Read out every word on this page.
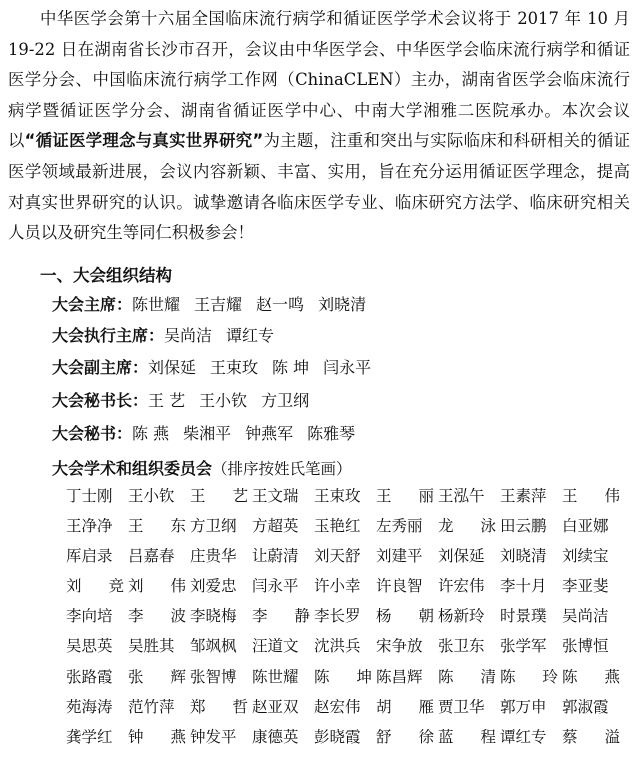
中华医学会第十六届全国临床流行病学和循证医学学术会议将于 2017 年 10 月 19-22 日在湖南省长沙市召开，会议由中华医学会、中华医学会临床流行病学和循证医学分会、中国临床流行病学工作网（ChinaCLEN）主办，湖南省医学会临床流行病学暨循证医学分会、湖南省循证医学中心、中南大学湘雅二医院承办。本次会议以“循证医学理念与真实世界研究”为主题，注重和突出与实际临床和科研相关的循证医学领域最新进展，会议内容新颖、丰富、实用，旨在充分运用循证医学理念，提高对真实世界研究的认识。诚挚邀请各临床医学专业、临床研究方法学、临床研究相关人员以及研究生等同仁积极参会！

一、大会组织结构
大会主席：陈世耀 王吉耀 赵一鸣 刘晓清
大会执行主席：吴尚洁 谭红专
大会副主席：刘保延 王束玫 陈 坤 闫永平
大会秘书长：王 艺 王小钦 方卫纲
大会秘书：陈 燕 柴湘平 钟燕军 陈雅琴
大会学术和组织委员会（排序按姓氏笔画）
丁 士 刚 王 小 钦 王 艺 王 文 瑞 王 束 玫 王 丽 王 泓 午 王 素 萍 王 伟
王 净 净 王 东 方 卫 纲 方 超 英 玉 艳 红 左 秀 丽 龙 泳 田 云 鹏 白 亚 娜
厍 启 录 吕 嘉 春 庄 贵 华 让 蔚 清 刘 天 舒 刘 建 平 刘 保 延 刘 晓 清 刘 续 宝
刘 竞 刘 伟 刘 爱 忠 闫 永 平 许 小 幸 许 良 智 许 宏 伟 李 十 月 李 亚 斐
李 向 培 李 波 李 晓 梅 李 静 李 长 罗 杨 朝 杨 新 玲 时 景 璞 吴 尚 洁
吴 思 英 吴 胜 其 邹 飒 枫 汪 道 文 沈 洪 兵 宋 争 放 张 卫 东 张 学 军 张 博 恒
张 路 霞 张 辉 张 智 博 陈 世 耀 陈 坤 陈 昌 辉 陈 清 陈 玲 陈 燕
苑 海 涛 范 竹 萍 郑 哲 赵 亚 双 赵 宏 伟 胡 雁 贾 卫 华 郭 万 申 郭 淑 霞
龚 学 红 钟 燕 钟 发 平 康 德 英 彭 晓 霞 舒 徐 蓝 程 谭 红 专 蔡 溢
